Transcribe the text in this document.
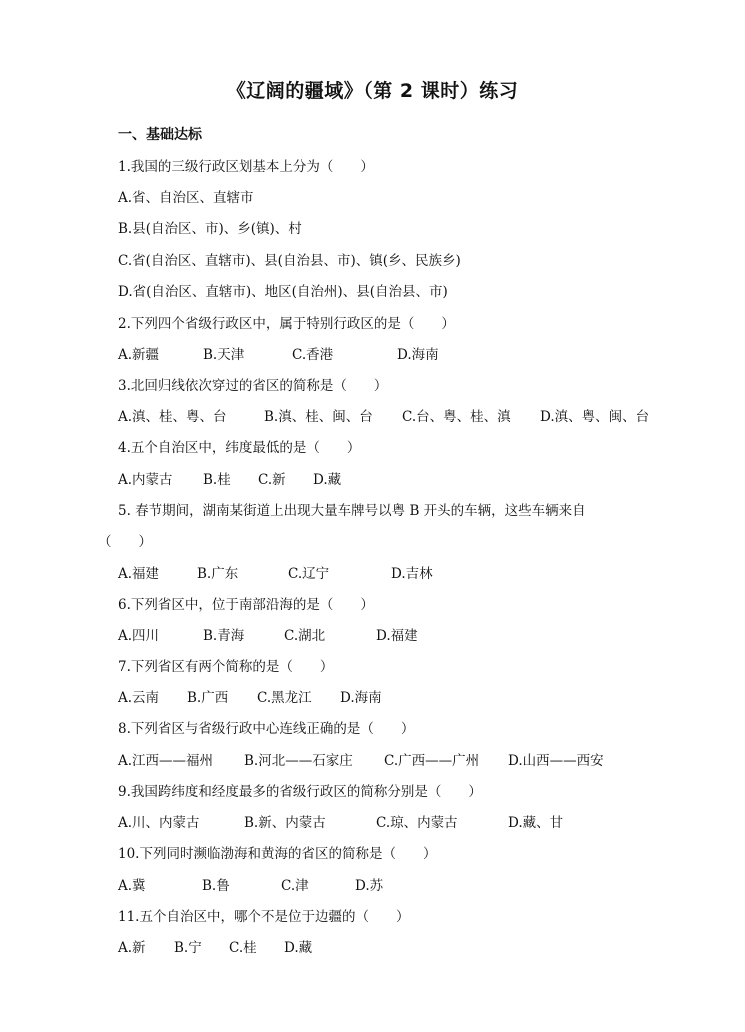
《辽阔的疆域》（第 2 课时）练习
一、基础达标
1.我国的三级行政区划基本上分为（　　）
A.省、自治区、直辖市
B.县(自治区、市)、乡(镇)、村
C.省(自治区、直辖市)、县(自治县、市)、镇(乡、民族乡)
D.省(自治区、直辖市)、地区(自治州)、县(自治县、市)
2.下列四个省级行政区中，属于特别行政区的是（　　）
A.新疆	B.天津	C.香港	D.海南
3.北回归线依次穿过的省区的简称是（　　）
A.滇、桂、粤、台	B.滇、桂、闽、台 C.台、粤、桂、滇 D.滇、粤、闽、台
4.五个自治区中，纬度最低的是（　　）
A.内蒙古 B.桂 C.新 D.藏
5. 春节期间，湖南某街道上出现大量车牌号以粤 B 开头的车辆，这些车辆来自
（　　）
A.福建	B.广东	C.辽宁	D.吉林
6.下列省区中，位于南部沿海的是（　　）
A.四川	B.青海	C.湖北	D.福建
7.下列省区有两个简称的是（　　）
A.云南 B.广西 C.黑龙江 D.海南
8.下列省区与省级行政中心连线正确的是（　　）
A.江西——福州 B.河北——石家庄 C.广西——广州 D.山西——西安
9.我国跨纬度和经度最多的省级行政区的简称分别是（　　）
A.川、内蒙古	B.新、内蒙古	C.琼、内蒙古	D.藏、甘
10.下列同时濒临渤海和黄海的省区的简称是（　　）
A.冀	B.鲁	C.津	D.苏
11.五个自治区中，哪个不是位于边疆的（　　）
A.新 B.宁 C.桂 D.藏
